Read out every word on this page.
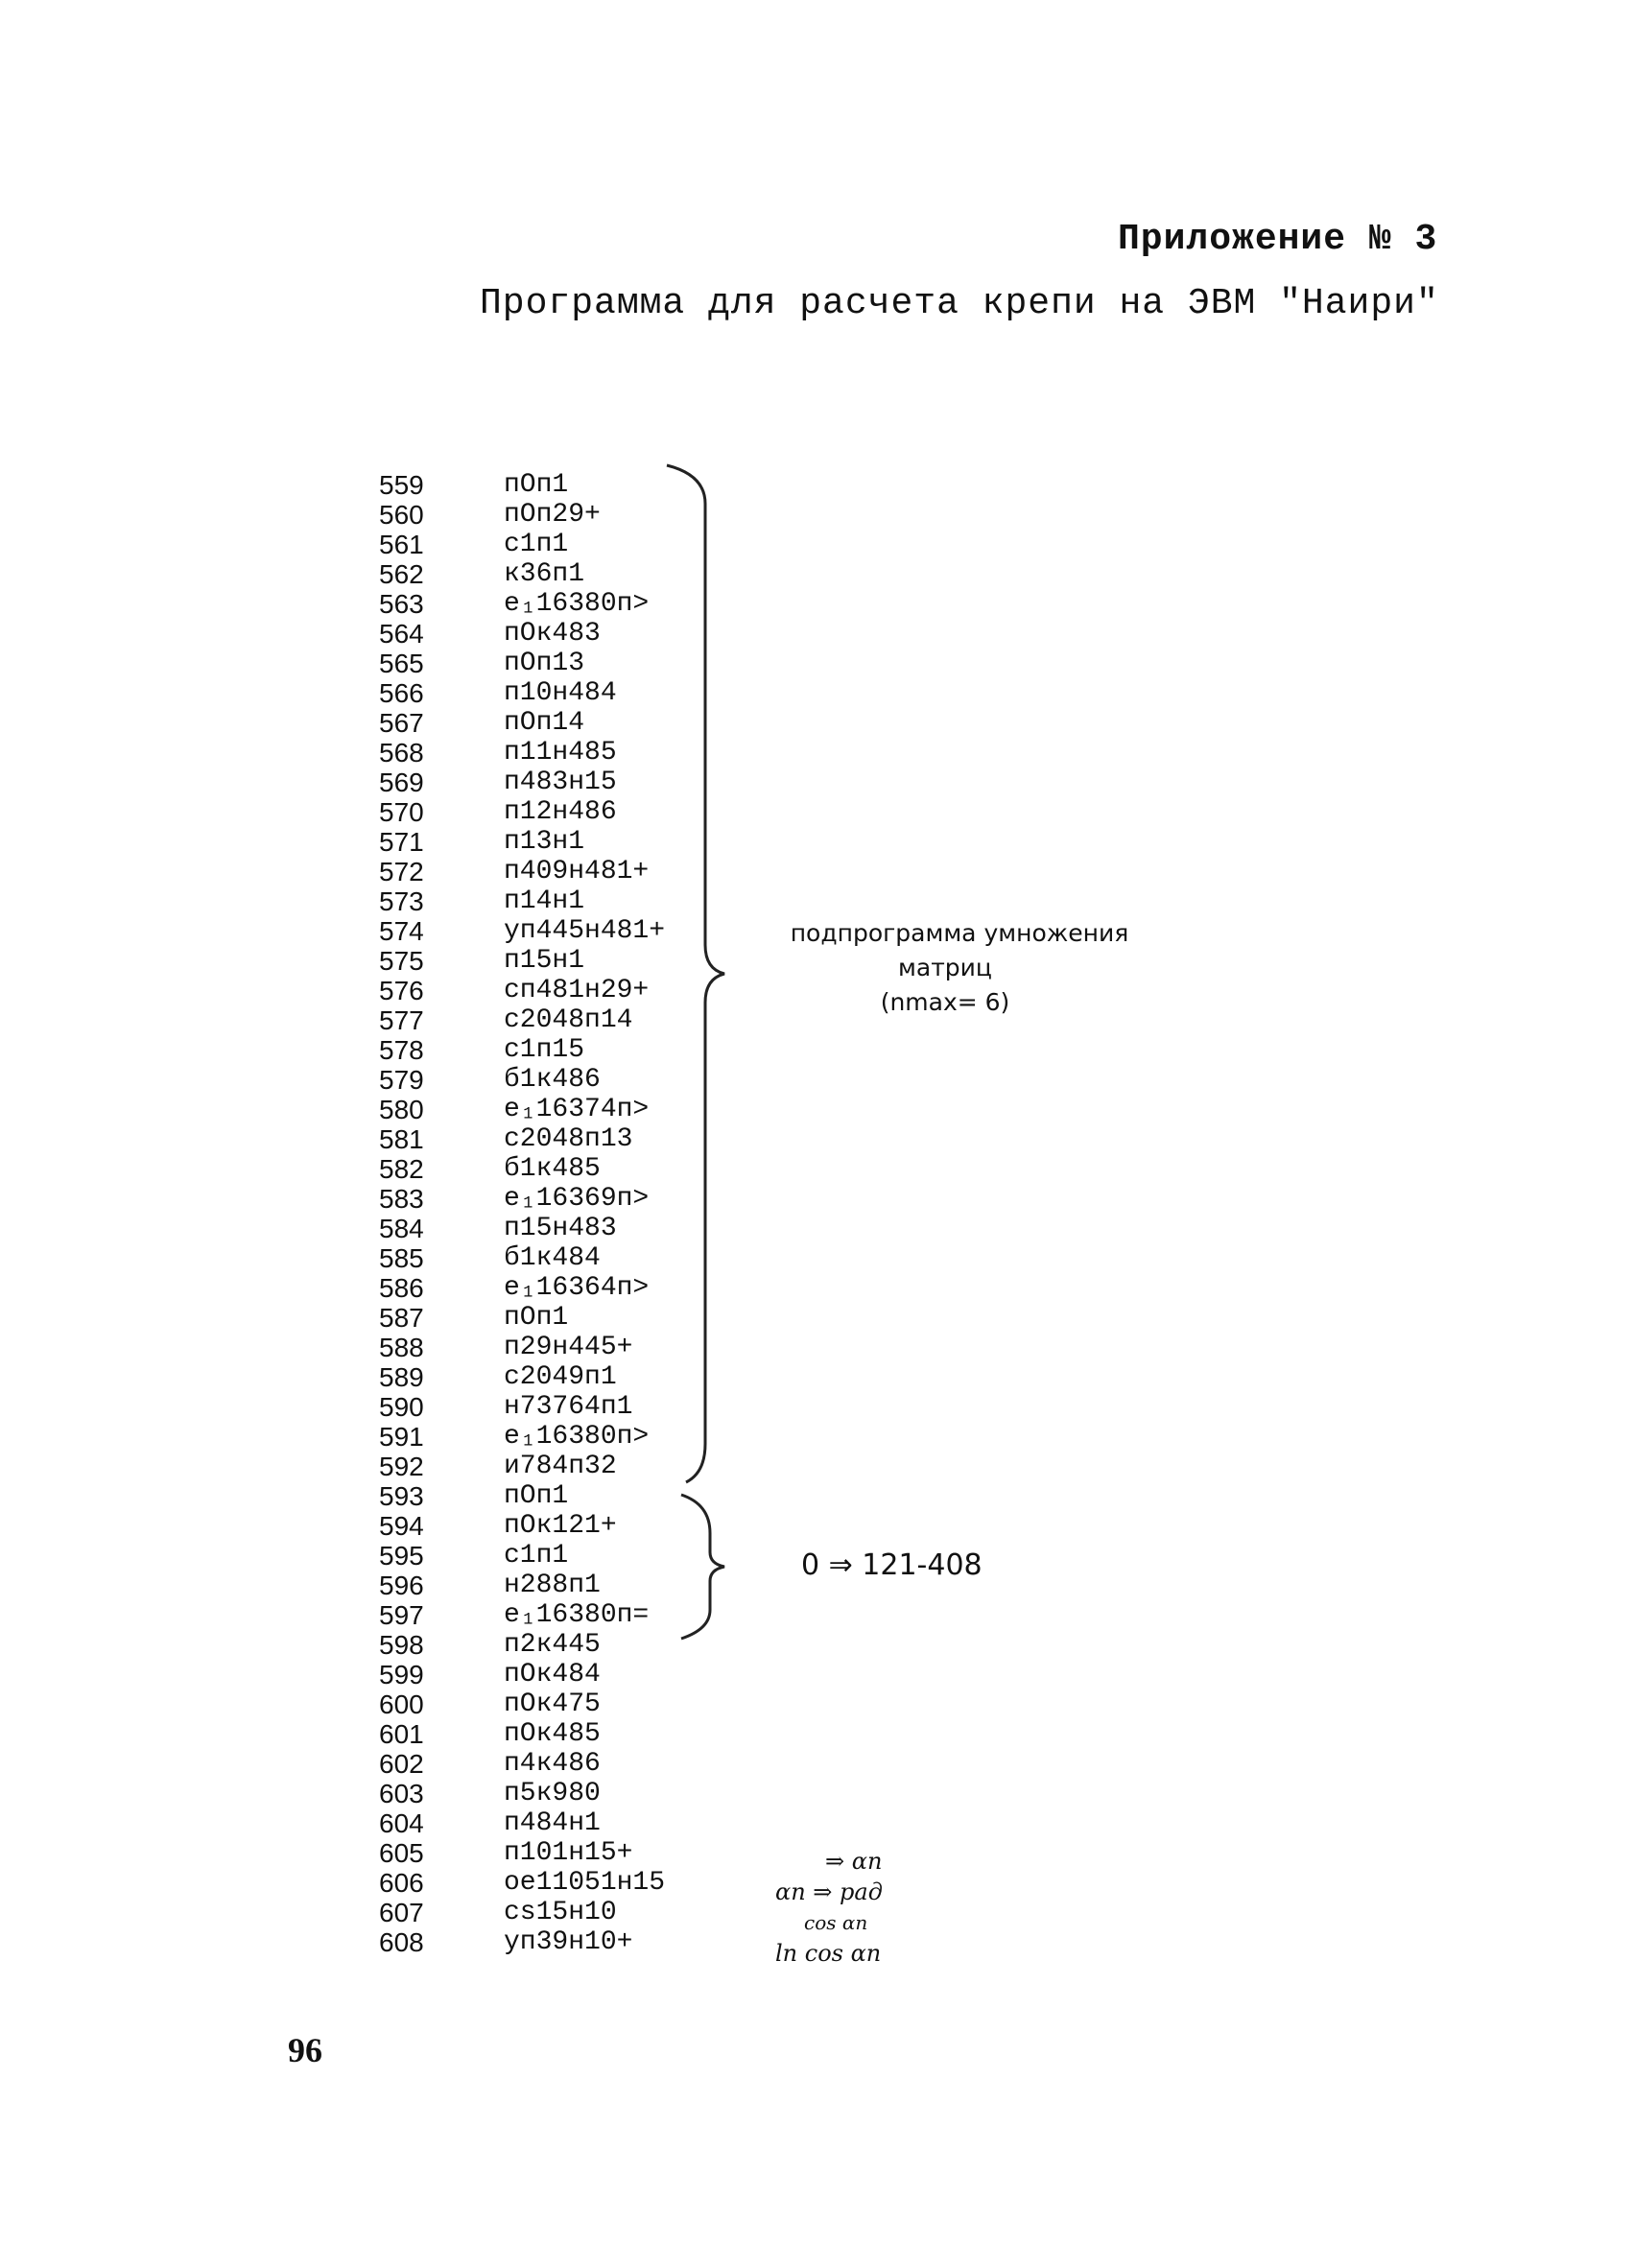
Приложение № 3
Программа для расчета крепи на ЭВМ "Наири"
559	пОп1
560	пОп29+
561	с1п1
562	к36п1
563	е₁16380п>
564	пОк483
565	пОп13
566	п10н484
567	пОп14
568	п11н485
569	п483н15
570	п12н486
571	п13н1
572	п409н481+
573	п14н1
574	уп445н481+
575	п15н1
576	сп481н29+
577	с2048п14
578	с1п15
579	б1к486
580	е₁16374п>
581	с2048п13
582	б1к485
583	е₁16369п>
584	п15н483
585	б1к484
586	е₁16364п>
587	пОп1
588	п29н445+
589	с2049п1
590	н73764п1
591	е₁16380п>
592	и784п32
593	пОп1
594	пОк121+
595	с1п1
596	н288п1
597	е₁16380п=
598	п2к445
599	пОк484
600	пОк475
601	пОк485
602	п4к486
603	п5к980
604	п484н1
605	п101н15+
606	ое11051н15
607	сs15н10
608	уп39н10+
подпрограмма умножения
матриц
(nmax= 6)
0 ⇒ 121-408
⇒ αn
αn ⇒ рад
cos αn
ln cos αn
96
